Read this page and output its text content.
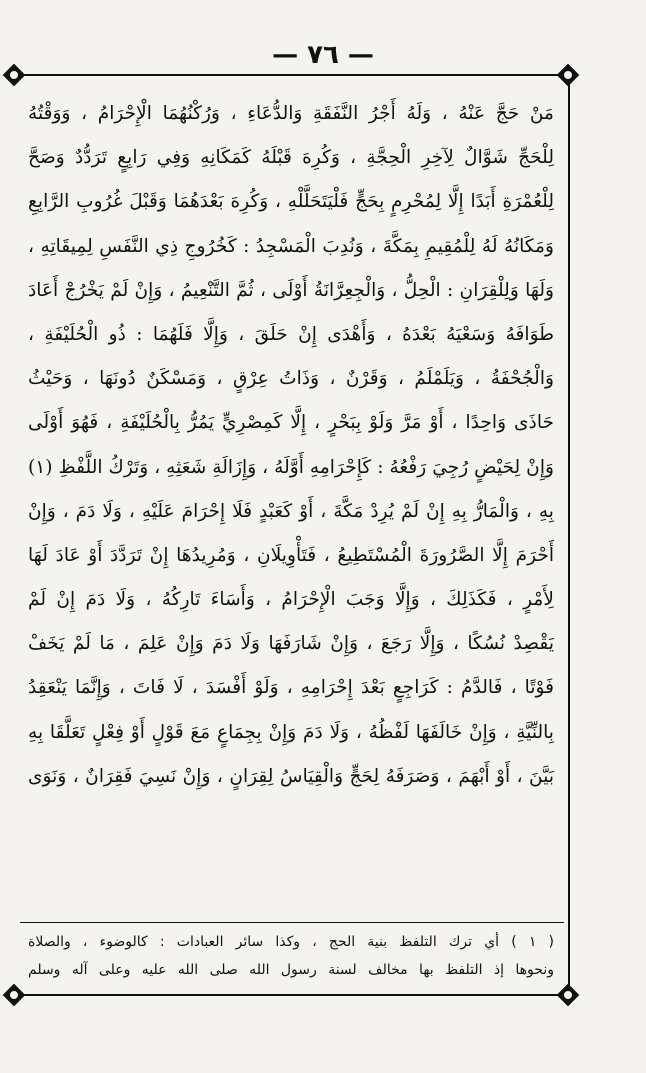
— ٧٦ —
مَنْ حَجَّ عَنْهُ ، وَلَهُ أَجْرُ النَّفَقَةِ وَالدُّعَاءِ ، وَرُكْنُهُمَا الْإِحْرَامُ ، وَوَقْتُهُ
لِلْحَجِّ شَوَّالٌ لِآخِرِ الْحِجَّةِ ، وَكُرِهَ قَبْلَهُ كَمَكَانِهِ وَفِي رَابِعٍ تَرَدُّدٌ وَصَحَّ
لِلْعُمْرَةِ أَبَدًا إِلَّا لِمُحْرِمٍ بِحَجٍّ فَلْيَتَحَلَّلْهِ ، وَكُرِهَ بَعْدَهُمَا وَقَبْلَ غُرُوبِ الرَّابِعِ
وَمَكَانُهُ لَهُ لِلْمُقِيمِ بِمَكَّةَ ، وَنُدِبَ الْمَسْجِدُ : كَخُرُوجِ ذِي النَّفَسِ لِمِيقَاتِهِ ،
وَلَهَا وَلِلْقِرَانِ : الْحِلُّ ، وَالْجِعِرَّانَةُ أَوْلَى ، ثُمَّ التَّنْعِيمُ ، وَإِنْ لَمْ يَخْرُجْ أَعَادَ
طَوَافَهُ وَسَعْيَهُ بَعْدَهُ ، وَأَهْدَى إِنْ حَلَقَ ، وَإِلَّا فَلَهُمَا : ذُو الْحُلَيْفَةِ ،
وَالْجُحْفَةُ ، وَيَلَمْلَمُ ، وَقَرْنٌ ، وَذَاتُ عِرْقٍ ، وَمَسْكَنٌ دُونَهَا ، وَحَيْثُ
حَاذَى وَاحِدًا ، أَوْ مَرَّ وَلَوْ بِبَحْرٍ ، إِلَّا كَمِصْرِيٍّ يَمُرُّ بِالْحُلَيْفَةِ ، فَهُوَ أَوْلَى
وَإِنْ لِحَيْضٍ رُجِيَ رَفْعُهُ : كَإِحْرَامِهِ أَوَّلَهُ ، وَإِزَالَةِ شَعَثِهِ ، وَتَرْكُ اللَّفْظِ (١)
بِهِ ، وَالْمَارُّ بِهِ إِنْ لَمْ يُرِدْ مَكَّةَ ، أَوْ كَعَبْدٍ فَلَا إِحْرَامَ عَلَيْهِ ، وَلَا دَمَ ، وَإِنْ
أَحْرَمَ إِلَّا الصَّرُورَةَ الْمُسْتَطِيعُ ، فَتَأْوِيلَانِ ، وَمُرِيدُهَا إِنْ تَرَدَّدَ أَوْ عَادَ لَهَا
لِأَمْرٍ ، فَكَذَلِكَ ، وَإِلَّا وَجَبَ الْإِحْرَامُ ، وَأَسَاءَ تَارِكُهُ ، وَلَا دَمَ إِنْ لَمْ
يَقْصِدْ نُسُكًا ، وَإِلَّا رَجَعَ ، وَإِنْ شَارَفَهَا وَلَا دَمَ وَإِنْ عَلِمَ ، مَا لَمْ يَخَفْ
فَوْتًا ، فَالدَّمُ : كَرَاجِعٍ بَعْدَ إِحْرَامِهِ ، وَلَوْ أَفْسَدَ ، لَا فَاتَ ، وَإِنَّمَا يَنْعَقِدُ
بِالنِّيَّةِ ، وَإِنْ خَالَفَهَا لَفْظُهُ ، وَلَا دَمَ وَإِنْ بِجِمَاعٍ مَعَ قَوْلٍ أَوْ فِعْلٍ تَعَلَّقَا بِهِ
بَيَّنَ ، أَوْ أَبْهَمَ ، وَصَرَفَهُ لِحَجٍّ وَالْقِيَاسُ لِقِرَانٍ ، وَإِنْ نَسِيَ فَقِرَانٌ ، وَنَوَى
( ١ ) أي ترك التلفظ بنية الحج ، وكذا سائر العبادات : كالوضوء ، والصلاة
ونحوها إذ التلفظ بها مخالف لسنة رسول الله صلى الله عليه وعلى آله وسلم
